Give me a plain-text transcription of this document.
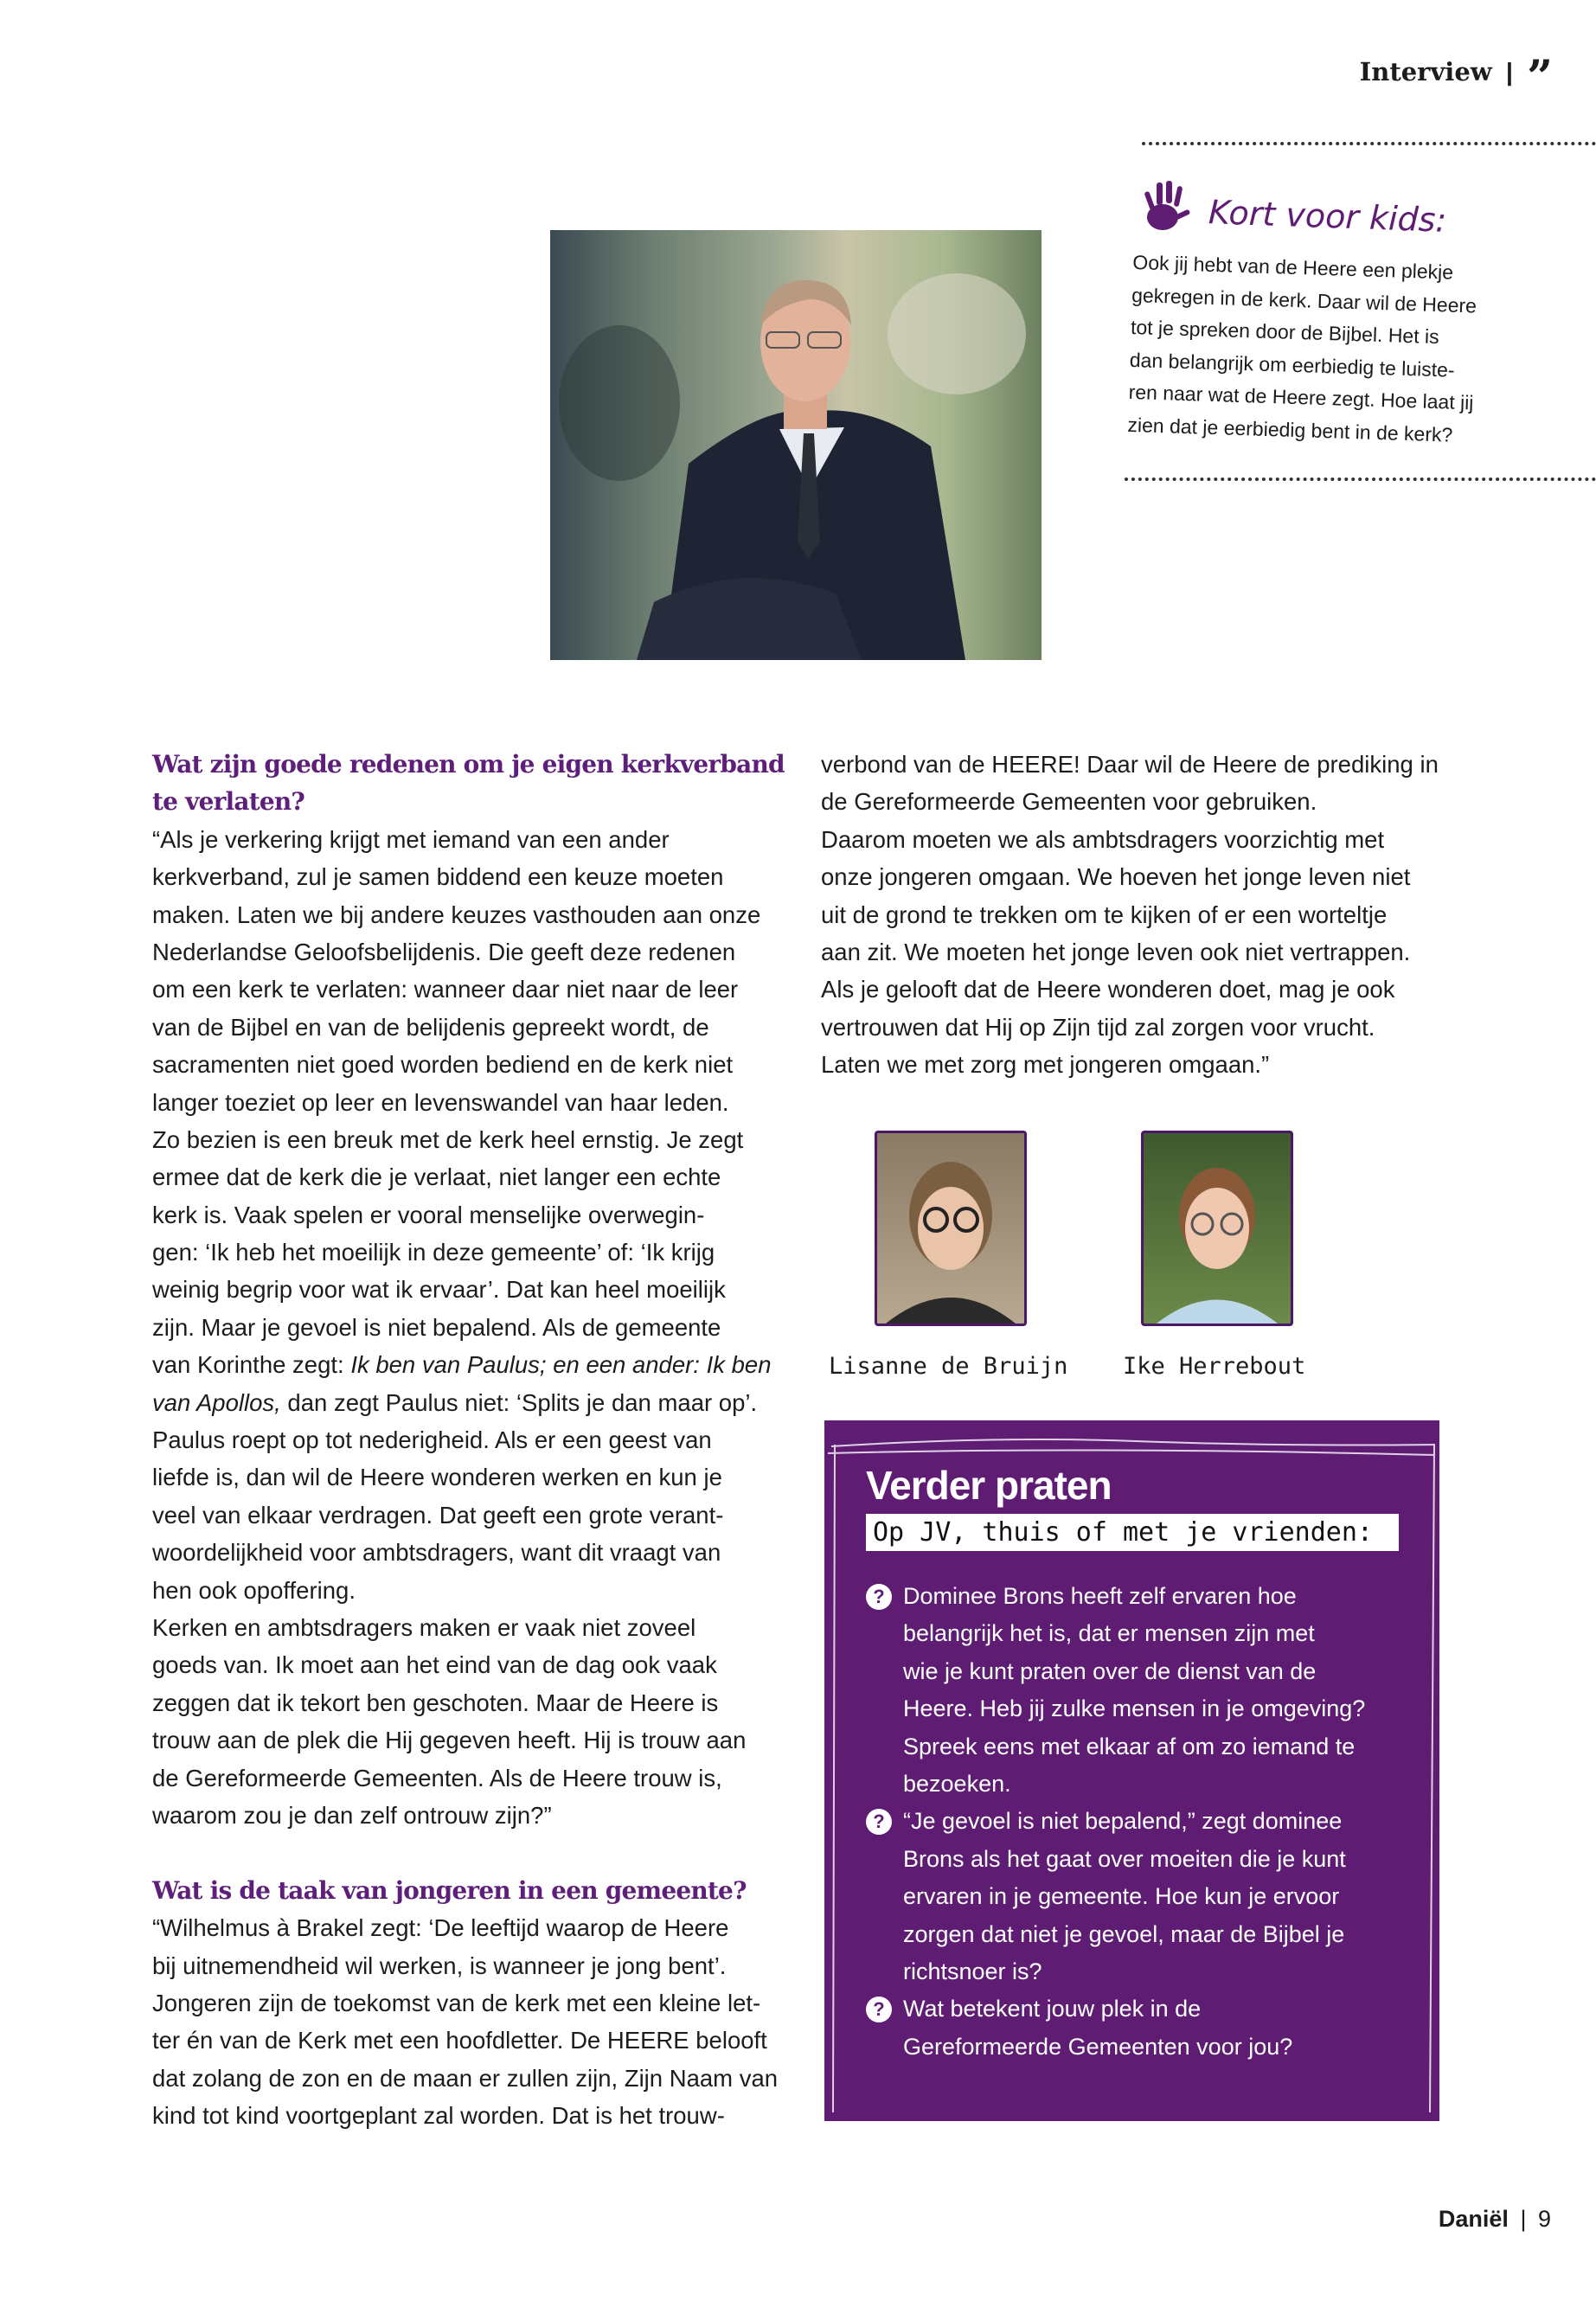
Interview | ”
Kort voor kids:
Ook jij hebt van de Heere een plekje
gekregen in de kerk. Daar wil de Heere
tot je spreken door de Bijbel. Het is
dan belangrijk om eerbiedig te luiste-
ren naar wat de Heere zegt. Hoe laat jij
zien dat je eerbiedig bent in de kerk?
Wat zijn goede redenen om je eigen kerkverband
te verlaten?
“Als je verkering krijgt met iemand van een ander
kerkverband, zul je samen biddend een keuze moeten
maken. Laten we bij andere keuzes vasthouden aan onze
Nederlandse Geloofsbelijdenis. Die geeft deze redenen
om een kerk te verlaten: wanneer daar niet naar de leer
van de Bijbel en van de belijdenis gepreekt wordt, de
sacramenten niet goed worden bediend en de kerk niet
langer toeziet op leer en levenswandel van haar leden.
Zo bezien is een breuk met de kerk heel ernstig. Je zegt
ermee dat de kerk die je verlaat, niet langer een echte
kerk is. Vaak spelen er vooral menselijke overwegin-
gen: ‘Ik heb het moeilijk in deze gemeente’ of: ‘Ik krijg
weinig begrip voor wat ik ervaar’. Dat kan heel moeilijk
zijn. Maar je gevoel is niet bepalend. Als de gemeente
van Korinthe zegt: Ik ben van Paulus; en een ander: Ik ben
van Apollos, dan zegt Paulus niet: ‘Splits je dan maar op’.
Paulus roept op tot nederigheid. Als er een geest van
liefde is, dan wil de Heere wonderen werken en kun je
veel van elkaar verdragen. Dat geeft een grote verant-
woordelijkheid voor ambtsdragers, want dit vraagt van
hen ook opoffering.
Kerken en ambtsdragers maken er vaak niet zoveel
goeds van. Ik moet aan het eind van de dag ook vaak
zeggen dat ik tekort ben geschoten. Maar de Heere is
trouw aan de plek die Hij gegeven heeft. Hij is trouw aan
de Gereformeerde Gemeenten. Als de Heere trouw is,
waarom zou je dan zelf ontrouw zijn?”
Wat is de taak van jongeren in een gemeente?
“Wilhelmus à Brakel zegt: ‘De leeftijd waarop de Heere
bij uitnemendheid wil werken, is wanneer je jong bent’.
Jongeren zijn de toekomst van de kerk met een kleine let-
ter én van de Kerk met een hoofdletter. De HEERE belooft
dat zolang de zon en de maan er zullen zijn, Zijn Naam van
kind tot kind voortgeplant zal worden. Dat is het trouw-
verbond van de HEERE! Daar wil de Heere de prediking in
de Gereformeerde Gemeenten voor gebruiken.
Daarom moeten we als ambtsdragers voorzichtig met
onze jongeren omgaan. We hoeven het jonge leven niet
uit de grond te trekken om te kijken of er een worteltje
aan zit. We moeten het jonge leven ook niet vertrappen.
Als je gelooft dat de Heere wonderen doet, mag je ook
vertrouwen dat Hij op Zijn tijd zal zorgen voor vrucht.
Laten we met zorg met jongeren omgaan.”
Lisanne de Bruijn Ike Herrebout
Verder praten
Op JV, thuis of met je vrienden:
? Dominee Brons heeft zelf ervaren hoe
belangrijk het is, dat er mensen zijn met
wie je kunt praten over de dienst van de
Heere. Heb jij zulke mensen in je omgeving?
Spreek eens met elkaar af om zo iemand te
bezoeken.
? “Je gevoel is niet bepalend,” zegt dominee
Brons als het gaat over moeiten die je kunt
ervaren in je gemeente. Hoe kun je ervoor
zorgen dat niet je gevoel, maar de Bijbel je
richtsnoer is?
? Wat betekent jouw plek in de
Gereformeerde Gemeenten voor jou?
Daniël | 9
